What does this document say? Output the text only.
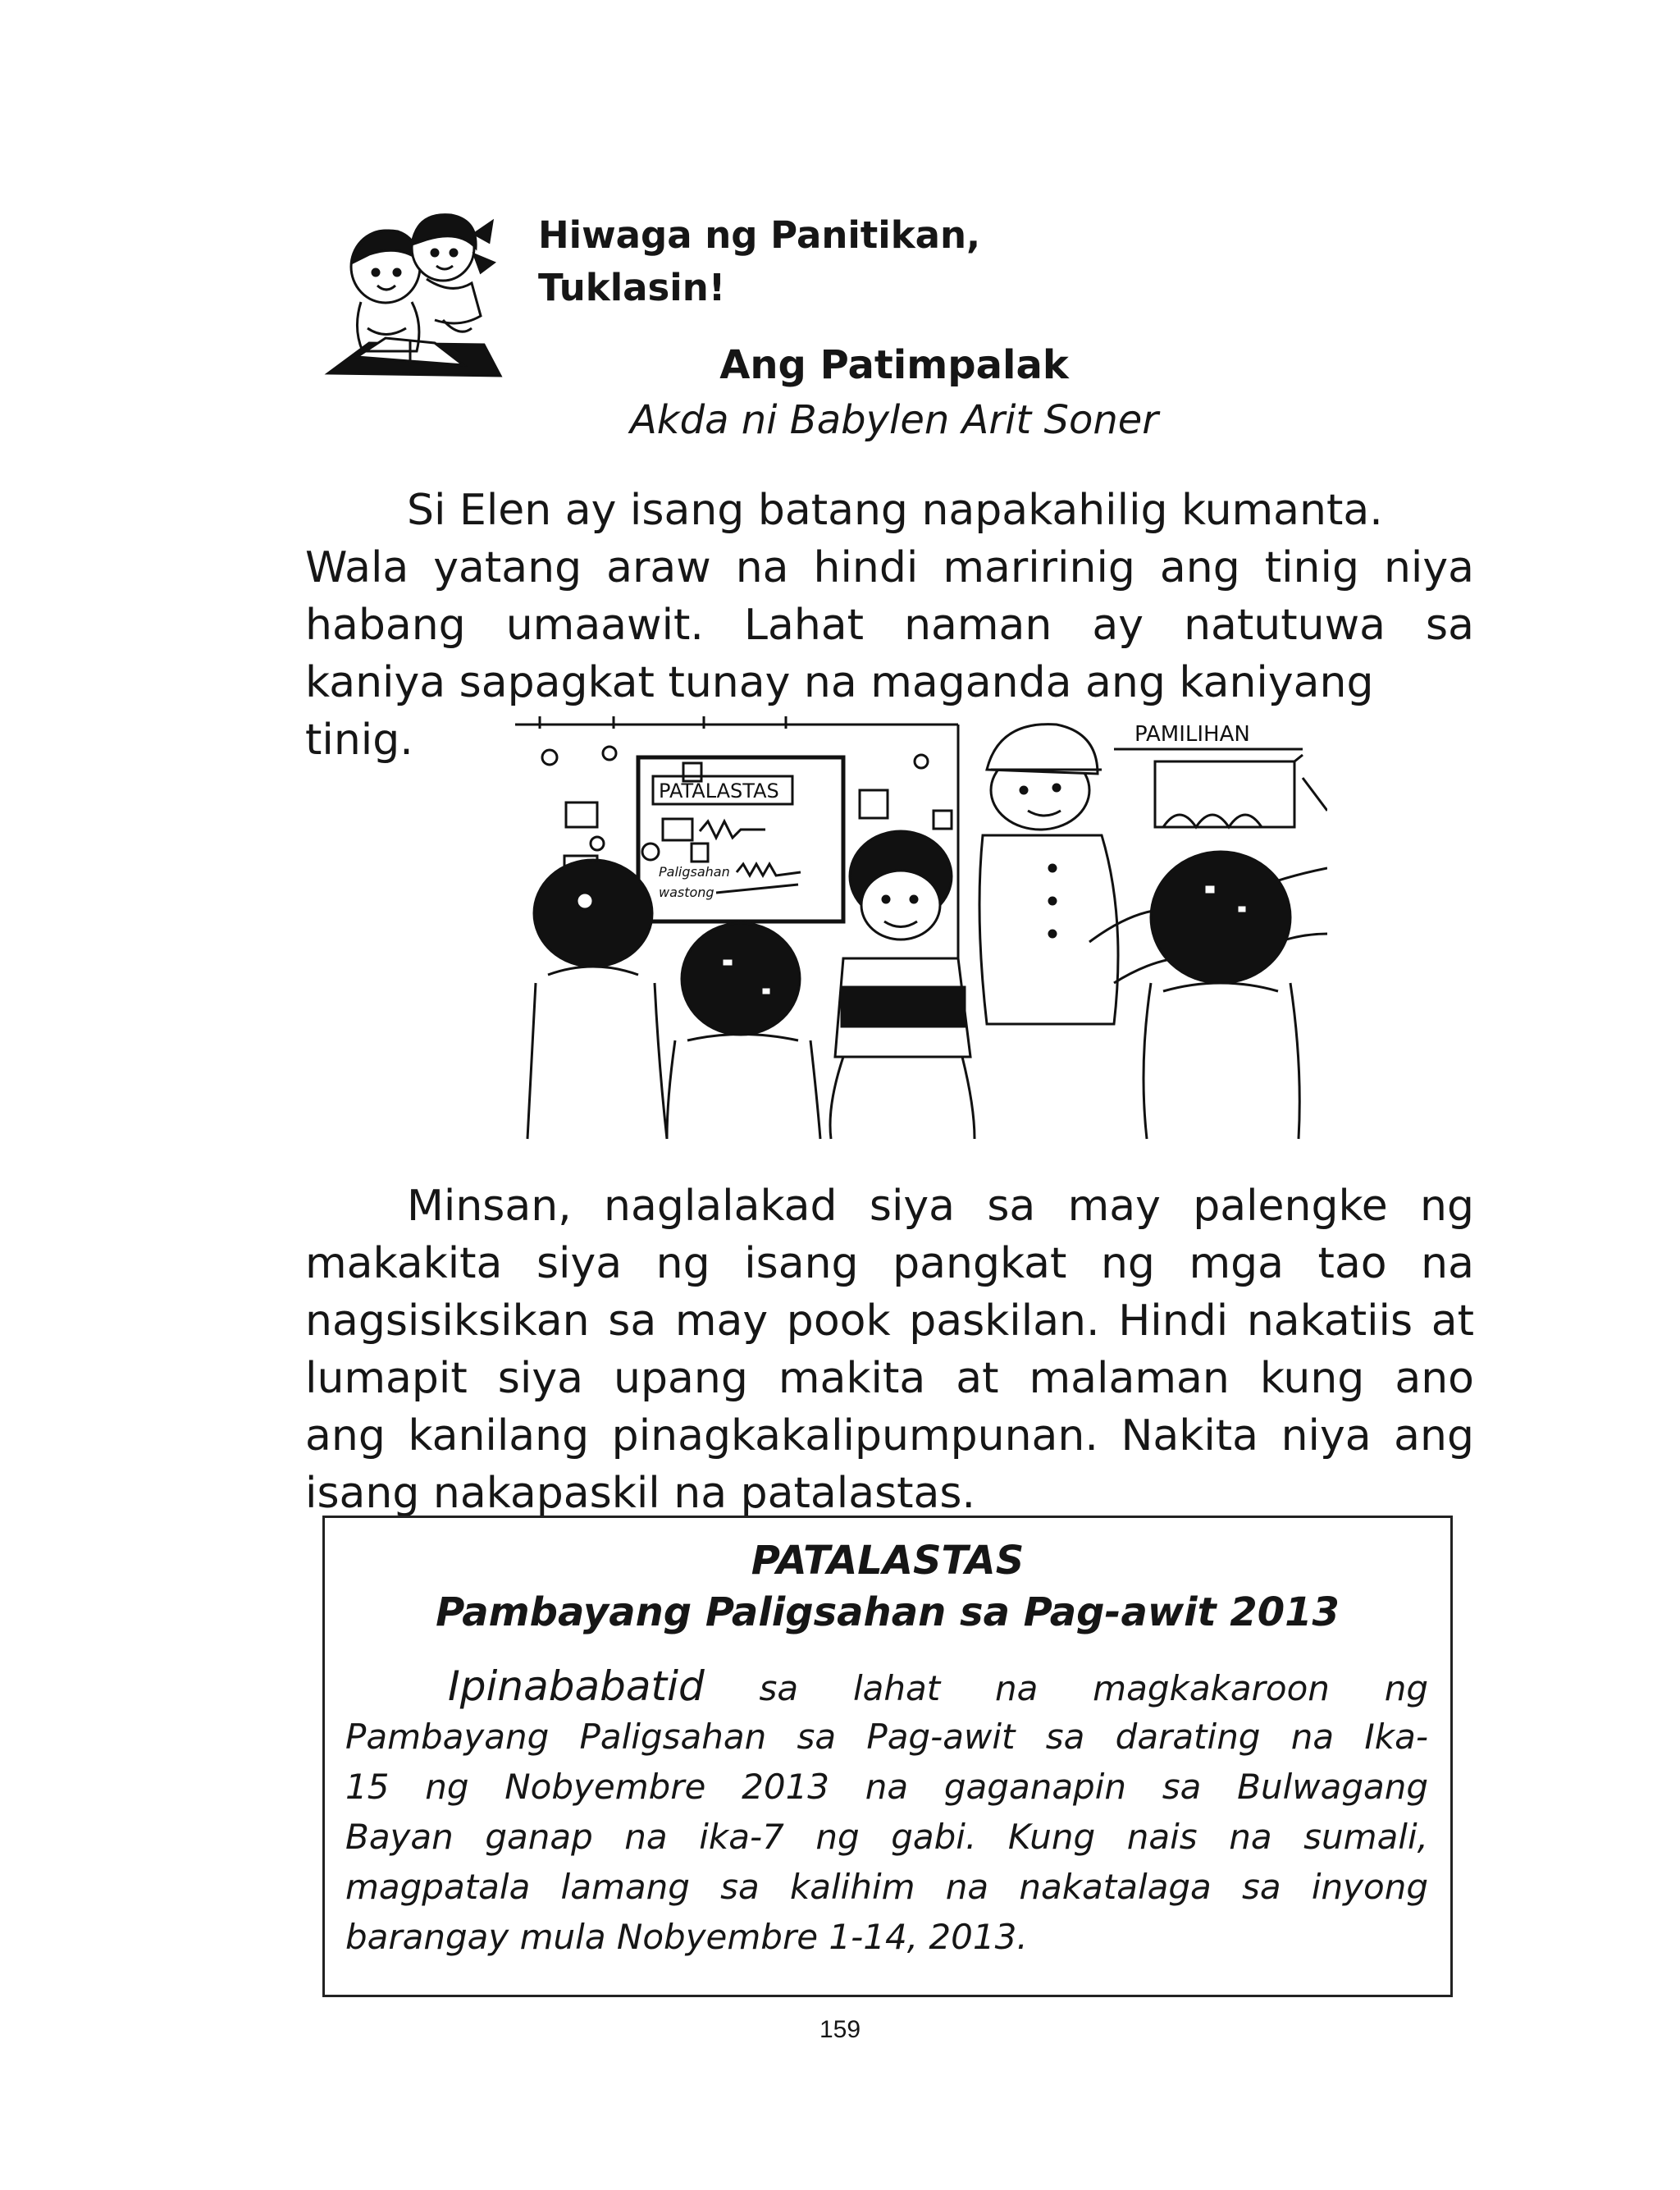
Hiwaga ng Panitikan,
Tuklasin!
Ang Patimpalak
Akda ni Babylen Arit Soner
Si Elen ay isang batang napakahilig kumanta.
Wala yatang araw na hindi maririnig ang tinig niya
habang umaawit. Lahat naman ay natutuwa sa
kaniya sapagkat tunay na maganda ang kaniyang
tinig.
PATALASTAS
Paligsahan
wastong
PAMILIHAN
Minsan, naglalakad siya sa may palengke ng
makakita siya ng isang pangkat ng mga tao na
nagsisiksikan sa may pook paskilan. Hindi nakatiis at
lumapit siya upang makita at malaman kung ano
ang kanilang pinagkakalipumpunan. Nakita niya ang
isang nakapaskil na patalastas.
PATALASTAS
Pambayang Paligsahan sa Pag-awit 2013
Ipinababatid sa lahat na magkakaroon ng
Pambayang Paligsahan sa Pag-awit sa darating na Ika-
15 ng Nobyembre 2013 na gaganapin sa Bulwagang
Bayan ganap na ika-7 ng gabi. Kung nais na sumali,
magpatala lamang sa kalihim na nakatalaga sa inyong
barangay mula Nobyembre 1-14, 2013.
159
